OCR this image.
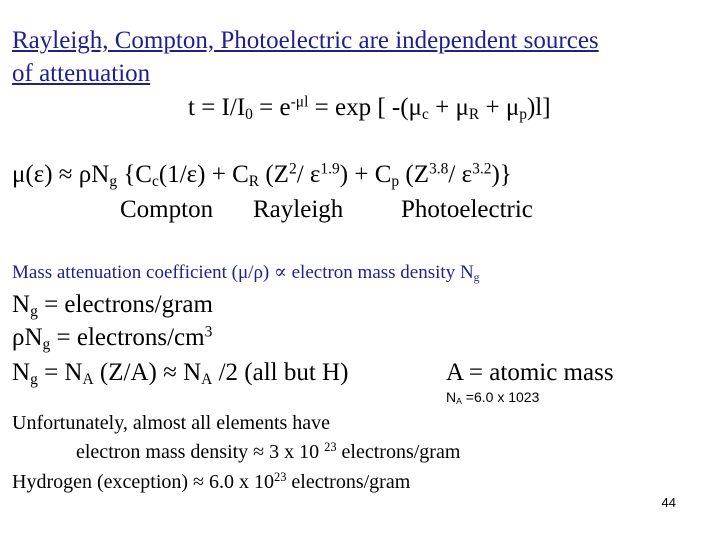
Rayleigh, Compton, Photoelectric are independent sources
of attenuation
$t = I/I_0 = e^{-\mu l} = \exp$ [ $-(\mu_c + \mu_R + \mu_p)l$]
$\mu(\varepsilon) \approx \rho N_g$ {$C_c(1/\varepsilon) + C_R$ ($Z^2/$ $\varepsilon^{1.9}) + C_p$ ($Z^{3.8}/$ $\varepsilon^{3.2}$)}
Compton Rayleigh Photoelectric
Mass attenuation coefficient (μ/ρ) ∝ electron mass density $N_g$
$N_g$ = electrons/gram
$\rho N_g$ = electrons/$cm^3$
$N_g = N_A$ $(Z/A) \approx N_A$ /2 (all but H)	A = atomic mass
$N_A =6.0$ x 1023
Unfortunately, almost all elements have
electron mass density ≈ 3 x 10 $^{23}$ electrons/gram
Hydrogen (exception) ≈ 6.0 x $10^{23}$ electrons/gram
44
